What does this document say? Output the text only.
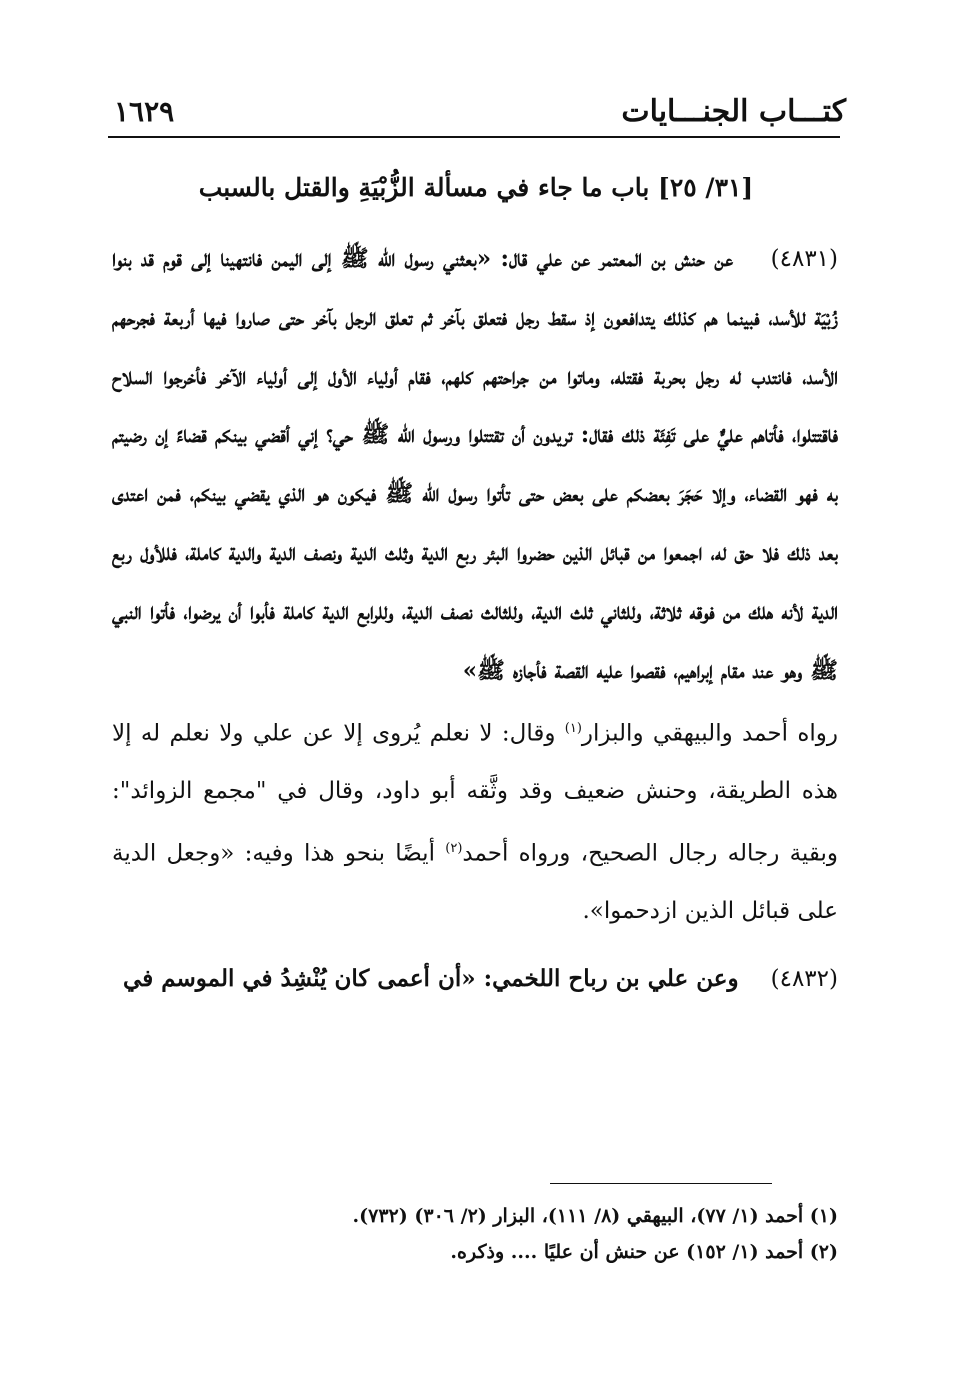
كتـــاب الجنـــايات
١٦٢٩
[٣١/ ٢٥] باب ما جاء في مسألة الزُّبْيَةِ والقتل بالسبب

(٤٨٣١)    عن حنش بن المعتمر عن علي قال: «بعثني رسول الله ﷺ إلى اليمن فانتهينا إلى قوم قد بنوا زُبْيَة للأسد، فبينما هم كذلك يتدافعون إذ سقط رجل فتعلق بآخر ثم تعلق الرجل بآخر حتى صاروا فيها أربعة فجرحهم الأسد، فانتدب له رجل بحربة فقتله، وماتوا من جراحتهم كلهم، فقام أولياء الأول إلى أولياء الآخر فأخرجوا السلاح فاقتتلوا، فأتاهم عليٌّ على تَفِئَة ذلك فقال: تريدون أن تقتتلوا ورسول الله ﷺ حي؟ إني أقضي بينكم قضاءً إن رضيتم به فهو القضاء، وإلا حَجَرَ بعضكم على بعض حتى تأتوا رسول الله ﷺ فيكون هو الذي يقضي بينكم، فمن اعتدى بعد ذلك فلا حق له، اجمعوا من قبائل الذين حضروا البئر ربع الدية وثلث الدية ونصف الدية والدية كاملة، فللأول ربع الدية لأنه هلك من فوقه ثلاثة، وللثاني ثلث الدية، وللثالث نصف الدية، وللرابع الدية كاملة فأبوا أن يرضوا، فأتوا النبي ﷺ وهو عند مقام إبراهيم، فقصوا عليه القصة فأجازه ﷺ»

رواه أحمد والبيهقي والبزار$^{(١)}$ وقال: لا نعلم يُروى إلا عن علي ولا نعلم له إلا هذه الطريقة، وحنش ضعيف وقد وثَّقه أبو داود، وقال في "مجمع الزوائد": وبقية رجاله رجال الصحيح، ورواه أحمد$^{(٢)}$ أيضًا بنحو هذا وفيه: «وجعل الدية على قبائل الذين ازدحموا».

(٤٨٣٢)    وعن علي بن رباح اللخمي: «أن أعمى كان يُنْشِدُ في الموسم في

(١) أحمد (١/ ٧٧)، البيهقي (٨/ ١١١)، البزار (٢/ ٣٠٦) (٧٣٢).
(٢) أحمد (١/ ١٥٢) عن حنش أن عليًا .... وذكره.
